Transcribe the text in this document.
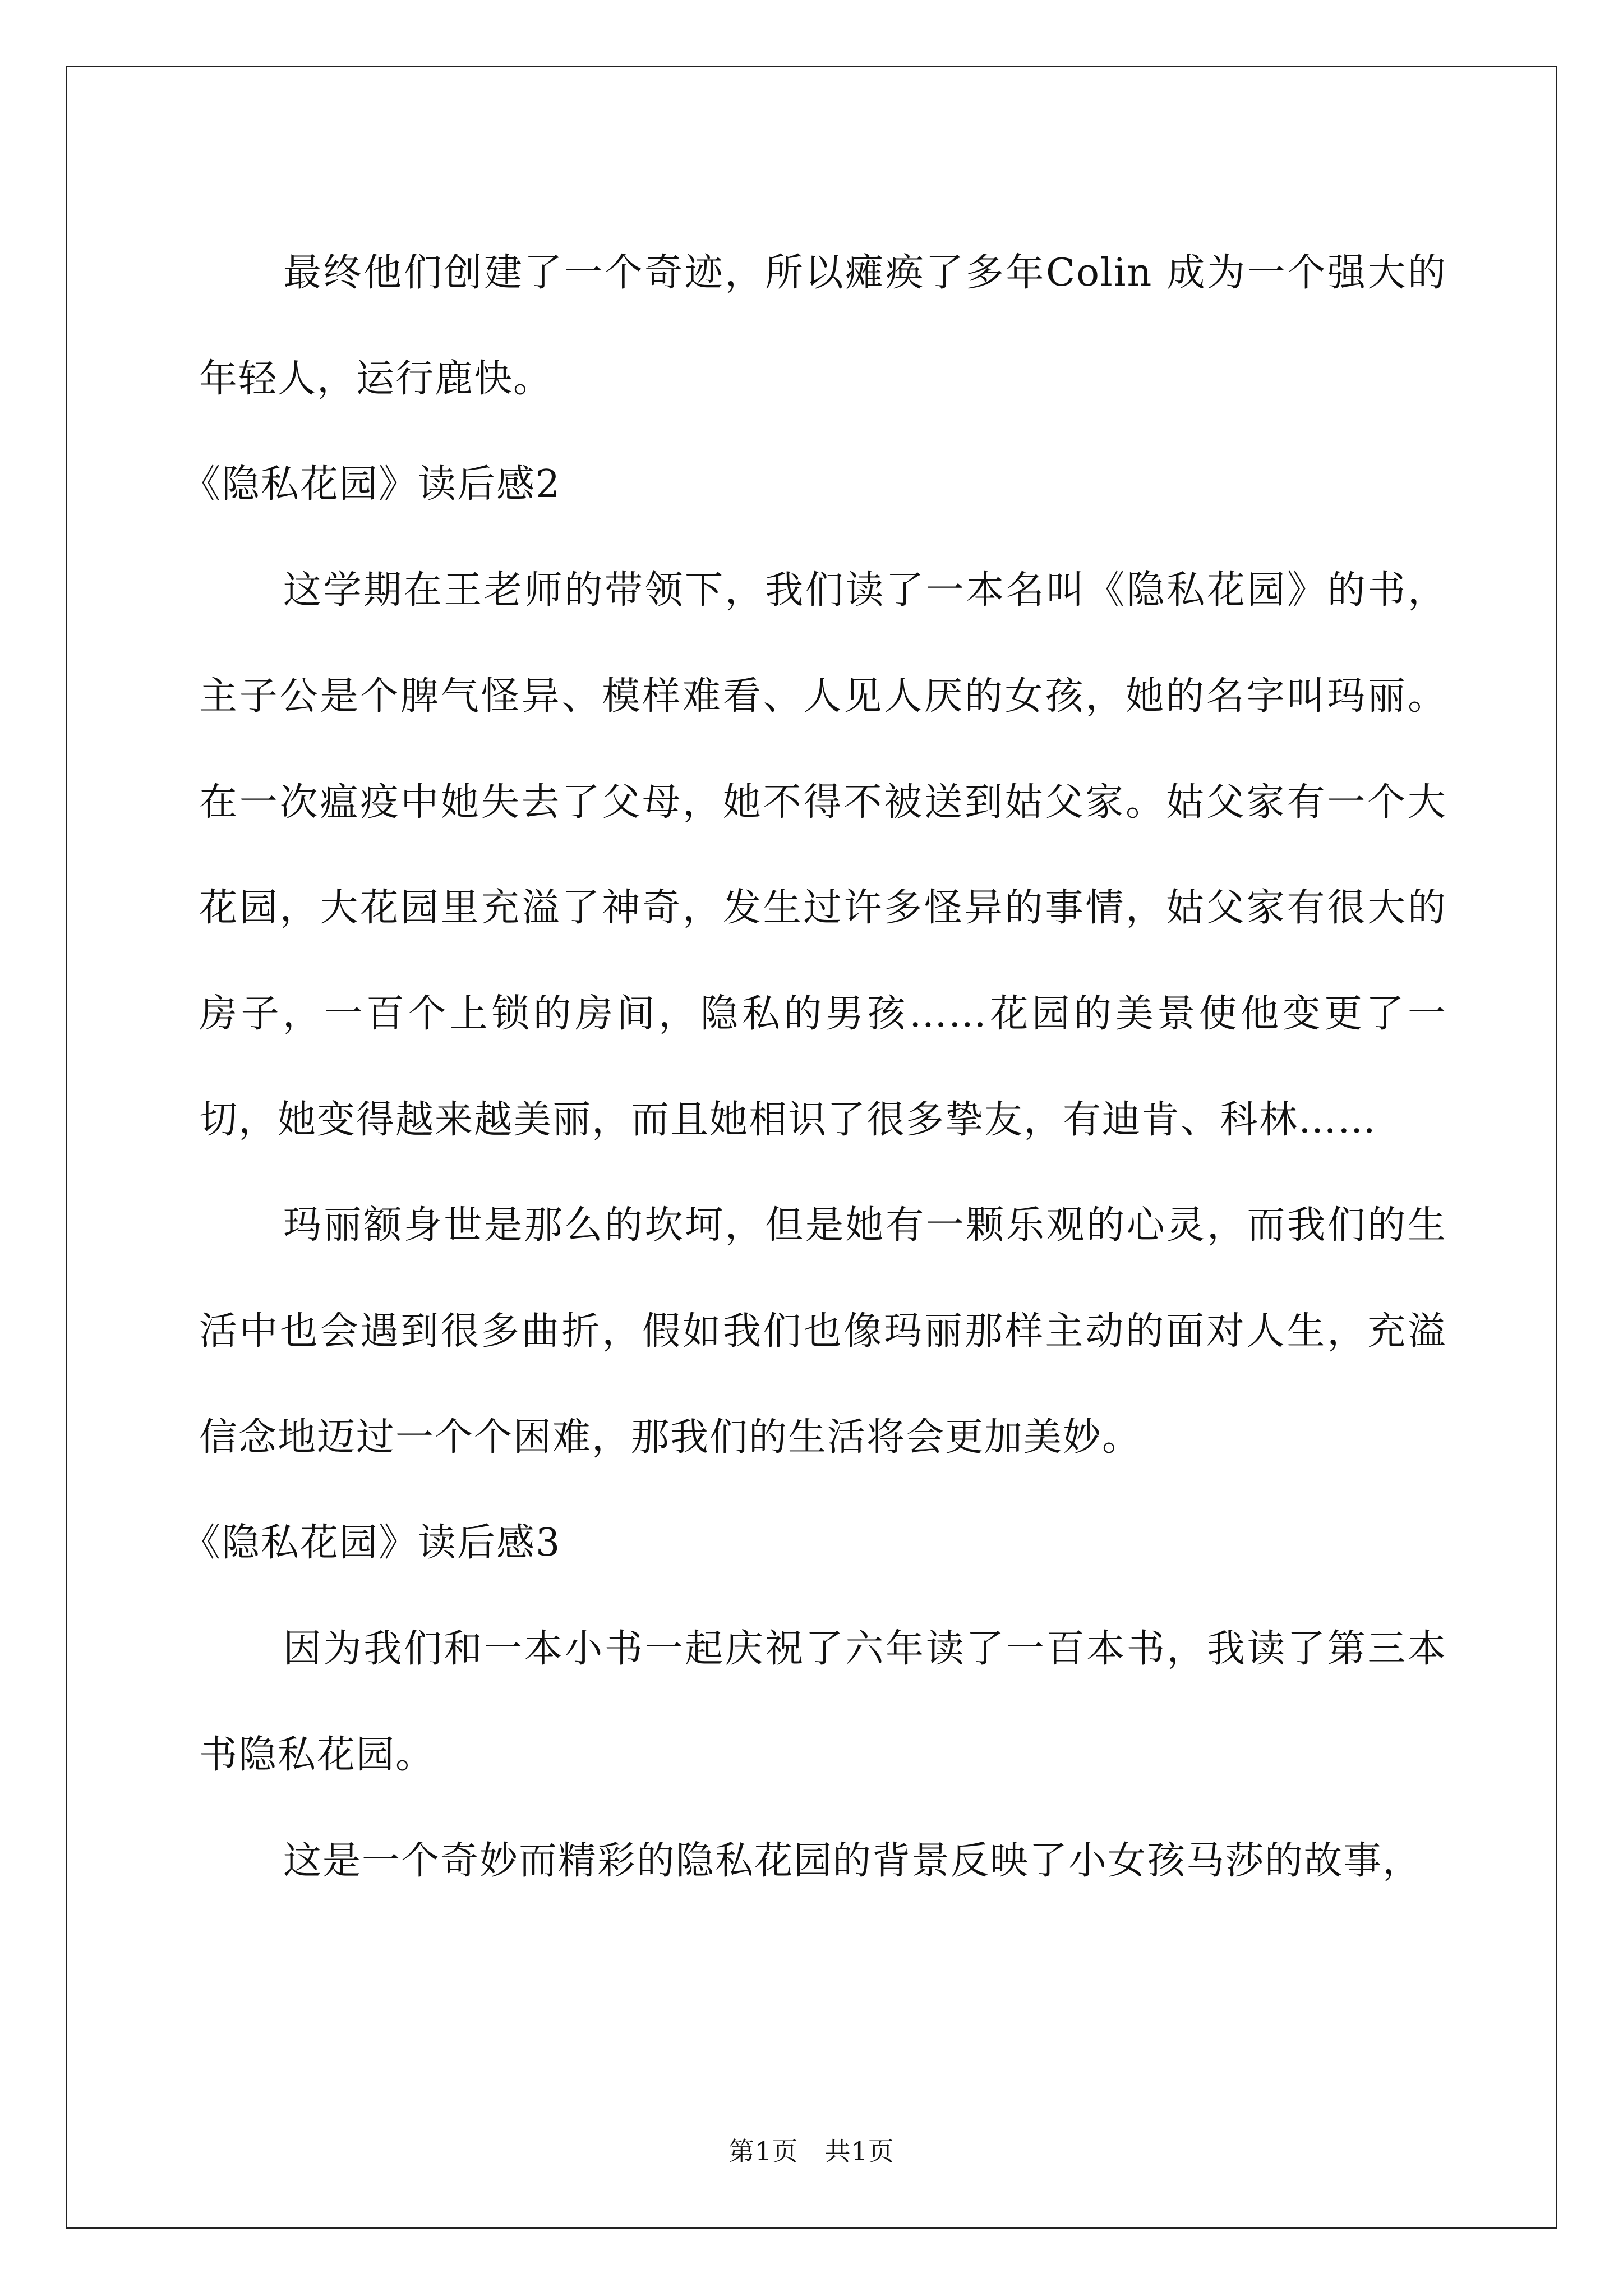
最终他们创建了一个奇迹，所以瘫痪了多年Colin 成为一个强大的年轻人，运行鹿快。

《隐私花园》读后感2

这学期在王老师的带领下，我们读了一本名叫《隐私花园》的书，主子公是个脾气怪异、模样难看、人见人厌的女孩，她的名字叫玛丽。在一次瘟疫中她失去了父母，她不得不被送到姑父家。姑父家有一个大花园，大花园里充溢了神奇，发生过许多怪异的事情，姑父家有很大的房子，一百个上锁的房间，隐私的男孩……花园的美景使他变更了一切，她变得越来越美丽，而且她相识了很多挚友，有迪肯、科林……

玛丽额身世是那么的坎坷，但是她有一颗乐观的心灵，而我们的生活中也会遇到很多曲折，假如我们也像玛丽那样主动的面对人生，充溢信念地迈过一个个困难，那我们的生活将会更加美妙。

《隐私花园》读后感3

因为我们和一本小书一起庆祝了六年读了一百本书，我读了第三本书隐私花园。

这是一个奇妙而精彩的隐私花园的背景反映了小女孩马莎的故事，

第1页　共1页
